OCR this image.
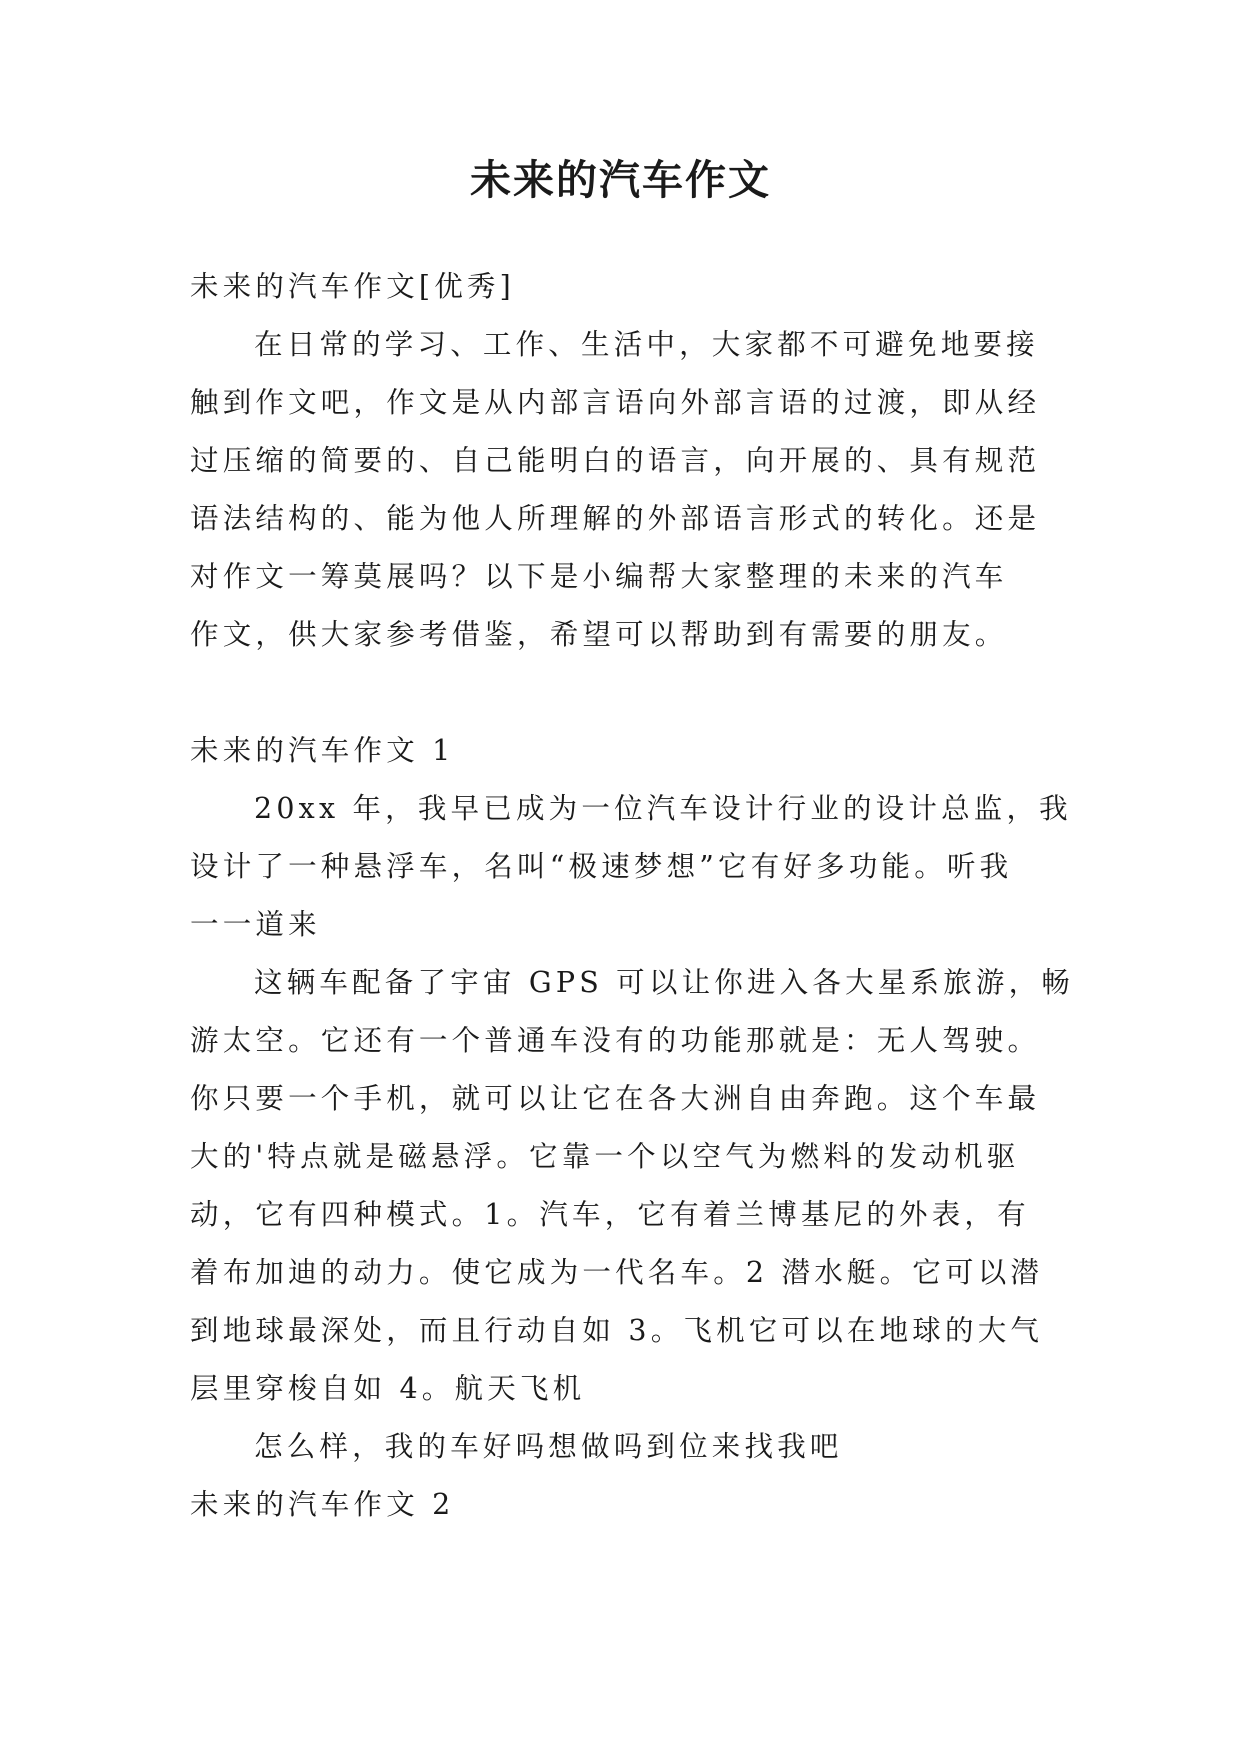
未来的汽车作文
未来的汽车作文[优秀]
在日常的学习、工作、生活中，大家都不可避免地要接
触到作文吧，作文是从内部言语向外部言语的过渡，即从经
过压缩的简要的、自己能明白的语言，向开展的、具有规范
语法结构的、能为他人所理解的外部语言形式的转化。还是
对作文一筹莫展吗？以下是小编帮大家整理的未来的汽车
作文，供大家参考借鉴，希望可以帮助到有需要的朋友。
未来的汽车作文 1
20xx 年，我早已成为一位汽车设计行业的设计总监，我
设计了一种悬浮车，名叫“极速梦想”它有好多功能。听我
一一道来
这辆车配备了宇宙 GPS 可以让你进入各大星系旅游，畅
游太空。它还有一个普通车没有的功能那就是：无人驾驶。
你只要一个手机，就可以让它在各大洲自由奔跑。这个车最
大的'特点就是磁悬浮。它靠一个以空气为燃料的发动机驱
动，它有四种模式。1。汽车，它有着兰博基尼的外表，有
着布加迪的动力。使它成为一代名车。2 潜水艇。它可以潜
到地球最深处，而且行动自如 3。飞机它可以在地球的大气
层里穿梭自如 4。航天飞机
怎么样，我的车好吗想做吗到位来找我吧
未来的汽车作文 2
